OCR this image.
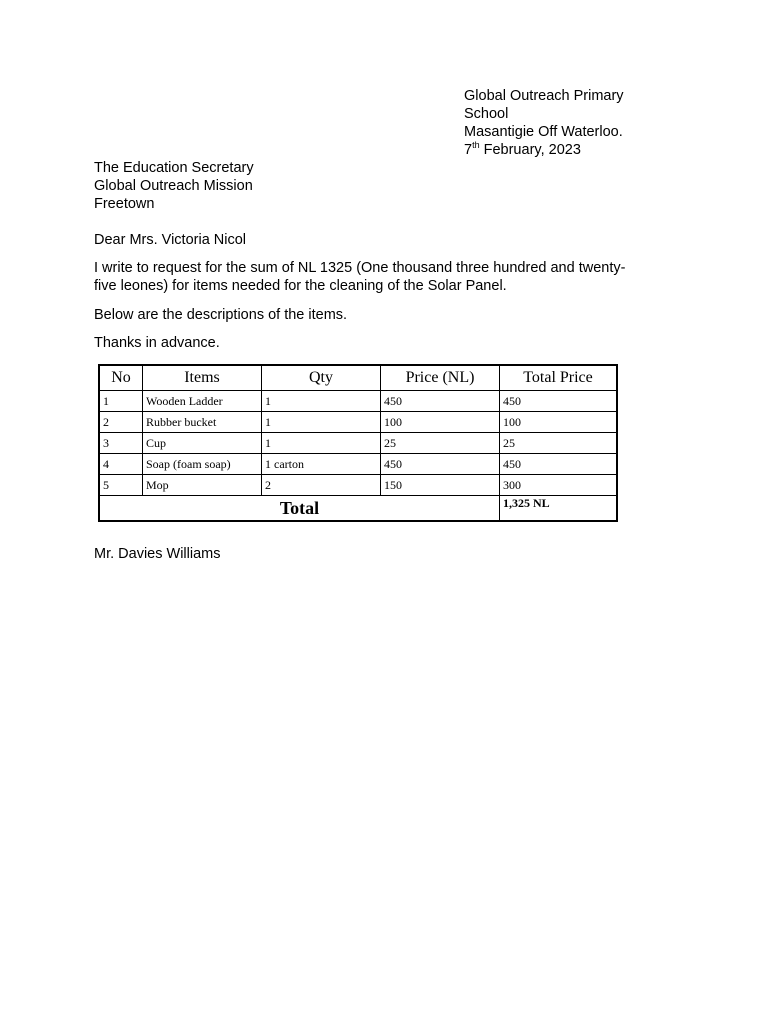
Global Outreach Primary
School
Masantigie Off Waterloo.
7th February, 2023
The Education Secretary
Global Outreach Mission
Freetown
Dear Mrs. Victoria Nicol
I write to request for the sum of NL 1325 (One thousand three hundred and twenty-
five leones) for items needed for the cleaning of the Solar Panel.
Below are the descriptions of the items.
Thanks in advance.
No	Items	Qty	Price (NL)	Total Price
1	Wooden Ladder	1	450	450
2	Rubber bucket	1	100	100
3	Cup	1	25	25
4	Soap (foam soap)	1 carton	450	450
5	Mop	2	150	300
Total				1,325 NL
Mr. Davies Williams
